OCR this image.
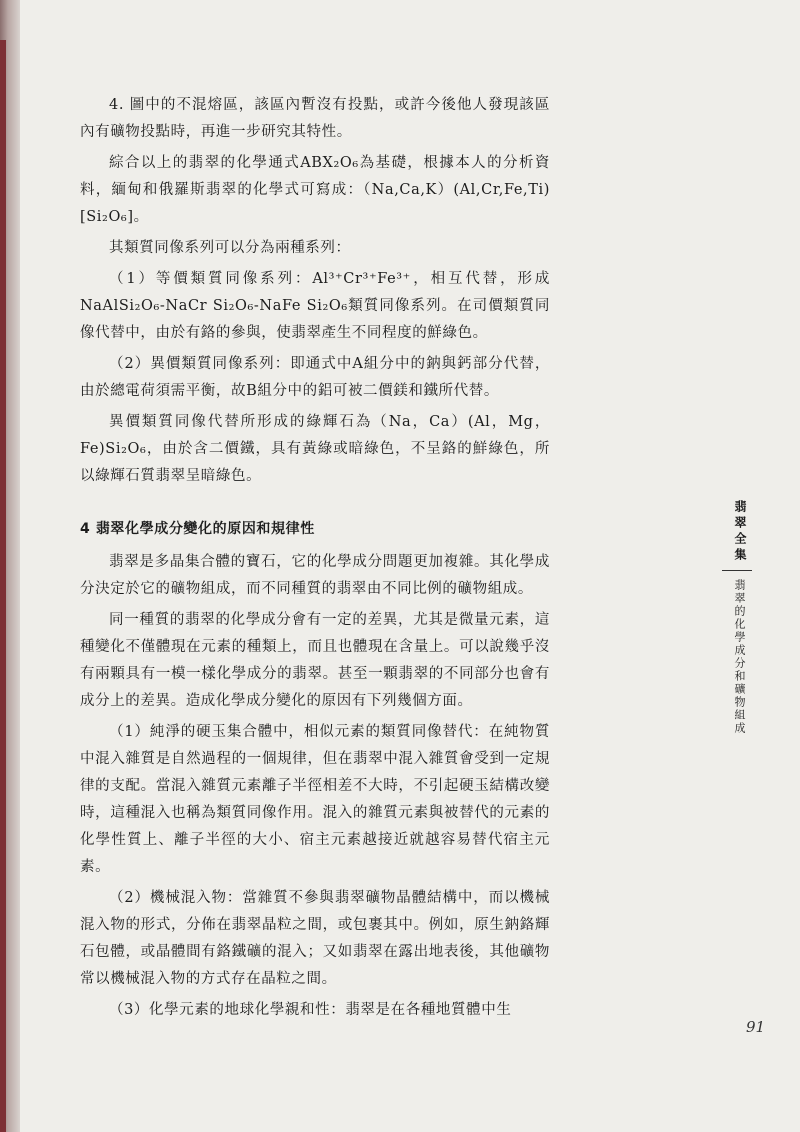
4. 圖中的不混熔區，該區內暫沒有投點，或許今後他人發現該區內有礦物投點時，再進一步研究其特性。

綜合以上的翡翠的化學通式ABX₂O₆為基礎，根據本人的分析資料，緬甸和俄羅斯翡翠的化學式可寫成：（Na,Ca,K）(Al,Cr,Fe,Ti)[Si₂O₆]。

其類質同像系列可以分為兩種系列：

（1）等價類質同像系列：Al³⁺Cr³⁺Fe³⁺，相互代替，形成NaAlSi₂O₆-NaCr Si₂O₆-NaFe Si₂O₆類質同像系列。在司價類質同像代替中，由於有鉻的參與，使翡翠產生不同程度的鮮綠色。

（2）異價類質同像系列：即通式中A組分中的鈉與鈣部分代替，由於總電荷須需平衡，故B組分中的鋁可被二價鎂和鐵所代替。

異價類質同像代替所形成的綠輝石為（Na，Ca）(Al，Mg，Fe)Si₂O₆，由於含二價鐵，具有黃綠或暗綠色，不呈鉻的鮮綠色，所以綠輝石質翡翠呈暗綠色。

4 翡翠化學成分變化的原因和規律性

翡翠是多晶集合體的寶石，它的化學成分問題更加複雜。其化學成分決定於它的礦物組成，而不同種質的翡翠由不同比例的礦物組成。

同一種質的翡翠的化學成分會有一定的差異，尤其是微量元素，這種變化不僅體現在元素的種類上，而且也體現在含量上。可以說幾乎沒有兩顆具有一模一樣化學成分的翡翠。甚至一顆翡翠的不同部分也會有成分上的差異。造成化學成分變化的原因有下列幾個方面。

（1）純淨的硬玉集合體中，相似元素的類質同像替代：在純物質中混入雜質是自然過程的一個規律，但在翡翠中混入雜質會受到一定規律的支配。當混入雜質元素離子半徑相差不大時，不引起硬玉結構改變時，這種混入也稱為類質同像作用。混入的雜質元素與被替代的元素的化學性質上、離子半徑的大小、宿主元素越接近就越容易替代宿主元素。

（2）機械混入物：當雜質不參與翡翠礦物晶體結構中，而以機械混入物的形式，分佈在翡翠晶粒之間，或包裹其中。例如，原生鈉鉻輝石包體，或晶體間有鉻鐵礦的混入；又如翡翠在露出地表後，其他礦物常以機械混入物的方式存在晶粒之間。

（3）化學元素的地球化學親和性：翡翠是在各種地質體中生

翡翠全集
翡翠的化學成分和礦物組成
91
